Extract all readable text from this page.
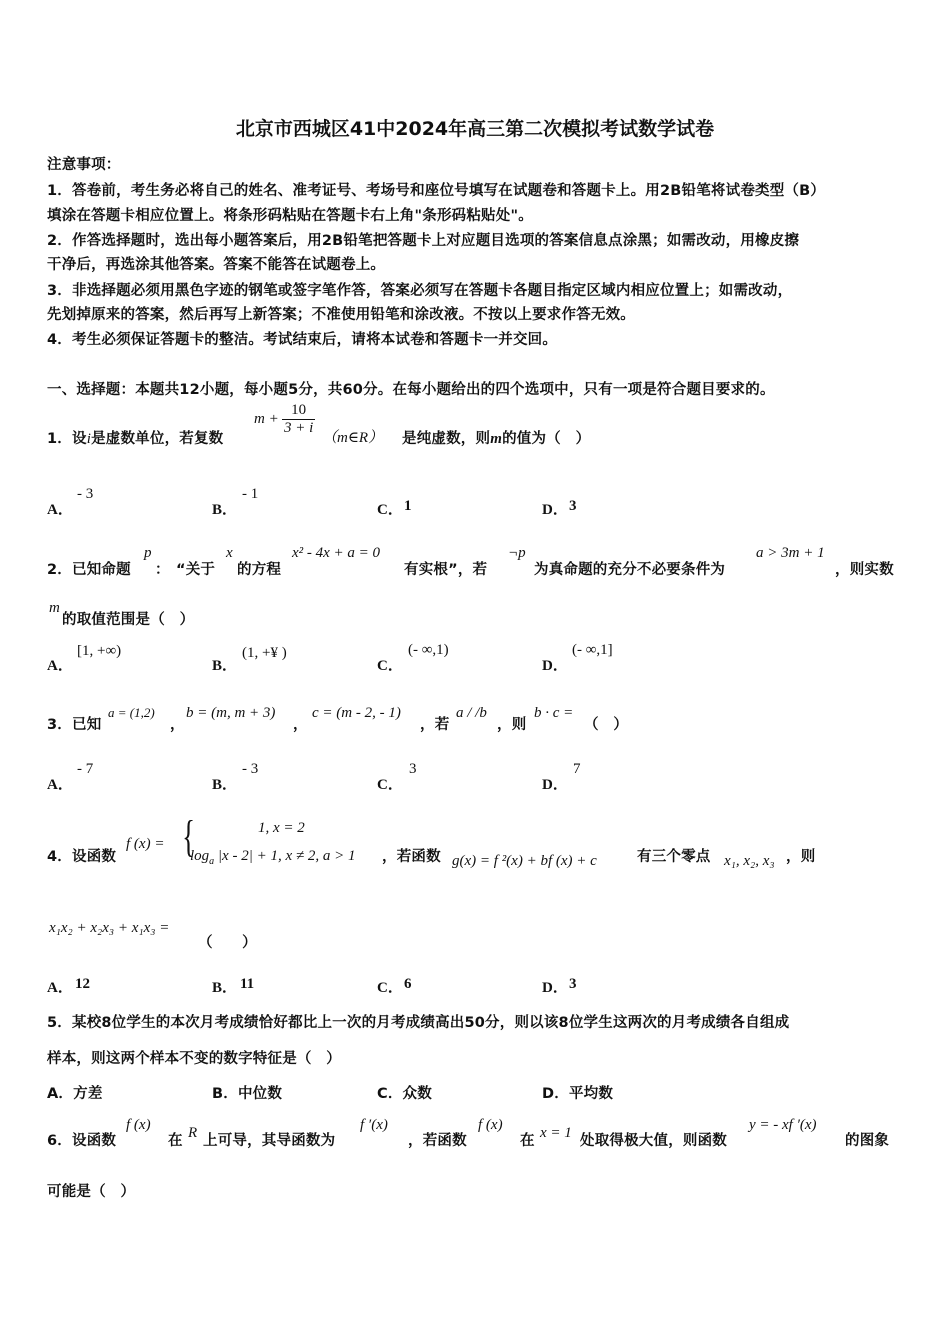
北京市西城区41中2024年高三第二次模拟考试数学试卷
注意事项：
1．答卷前，考生务必将自己的姓名、准考证号、考场号和座位号填写在试题卷和答题卡上。用2B铅笔将试卷类型（B）
填涂在答题卡相应位置上。将条形码粘贴在答题卡右上角"条形码粘贴处"。
2．作答选择题时，选出每小题答案后，用2B铅笔把答题卡上对应题目选项的答案信息点涂黑；如需改动，用橡皮擦
干净后，再选涂其他答案。答案不能答在试题卷上。
3．非选择题必须用黑色字迹的钢笔或签字笔作答，答案必须写在答题卡各题目指定区域内相应位置上；如需改动，
先划掉原来的答案，然后再写上新答案；不准使用铅笔和涂改液。不按以上要求作答无效。
4．考生必须保证答题卡的整洁。考试结束后，请将本试卷和答题卡一并交回。
一、选择题：本题共12小题，每小题5分，共60分。在每小题给出的四个选项中，只有一项是符合题目要求的。
1．设i是虚数单位，若复数
$m + \frac{10}{3 + i}$
（m∈R） 是纯虚数，则m的值为（　）
A．
- 3
B．
- 1
C． 1	D． 3
2．已知命题
p
： “关于
x
的方程
x² - 4x + a = 0
有实根”，若
¬p
为真命题的充分不必要条件为
a > 3m + 1
，则实数
m
的取值范围是（　）
A．
[1, +∞)
B．
(1, +¥ )
C．
(- ∞,1)
D．
(- ∞,1]
3．已知
a = (1,2)
，
b = (m, m + 3)
，
c = (m - 2, - 1)
，若
a / /b
，则
b · c =
（　）
A．
- 7
B．
- 3
C．
3
D．
7
4．设函数
f (x) = {	1, x = 2
$\log_a |x - 2| + 1$, x ≠ 2, a > 1 ，若函数 g(x) = f ²(x) + bf (x) + c	有三个零点 x₁, x₂, x₃ ，则
x₁x₂ + x₂x₃ + x₁x₃ =
（　　）
A． 12	B． 11	C． 6	D． 3
5．某校8位学生的本次月考成绩恰好都比上一次的月考成绩高出50分，则以该8位学生这两次的月考成绩各自组成
样本，则这两个样本不变的数字特征是（　）
A．方差	B．中位数	C．众数	D．平均数
6．设函数
f (x)
在 R 上可导，其导函数为
f ′(x)
，若函数
f (x)
在 x = 1 处取得极大值，则函数
y = - xf ′(x)
的图象
可能是（　）
